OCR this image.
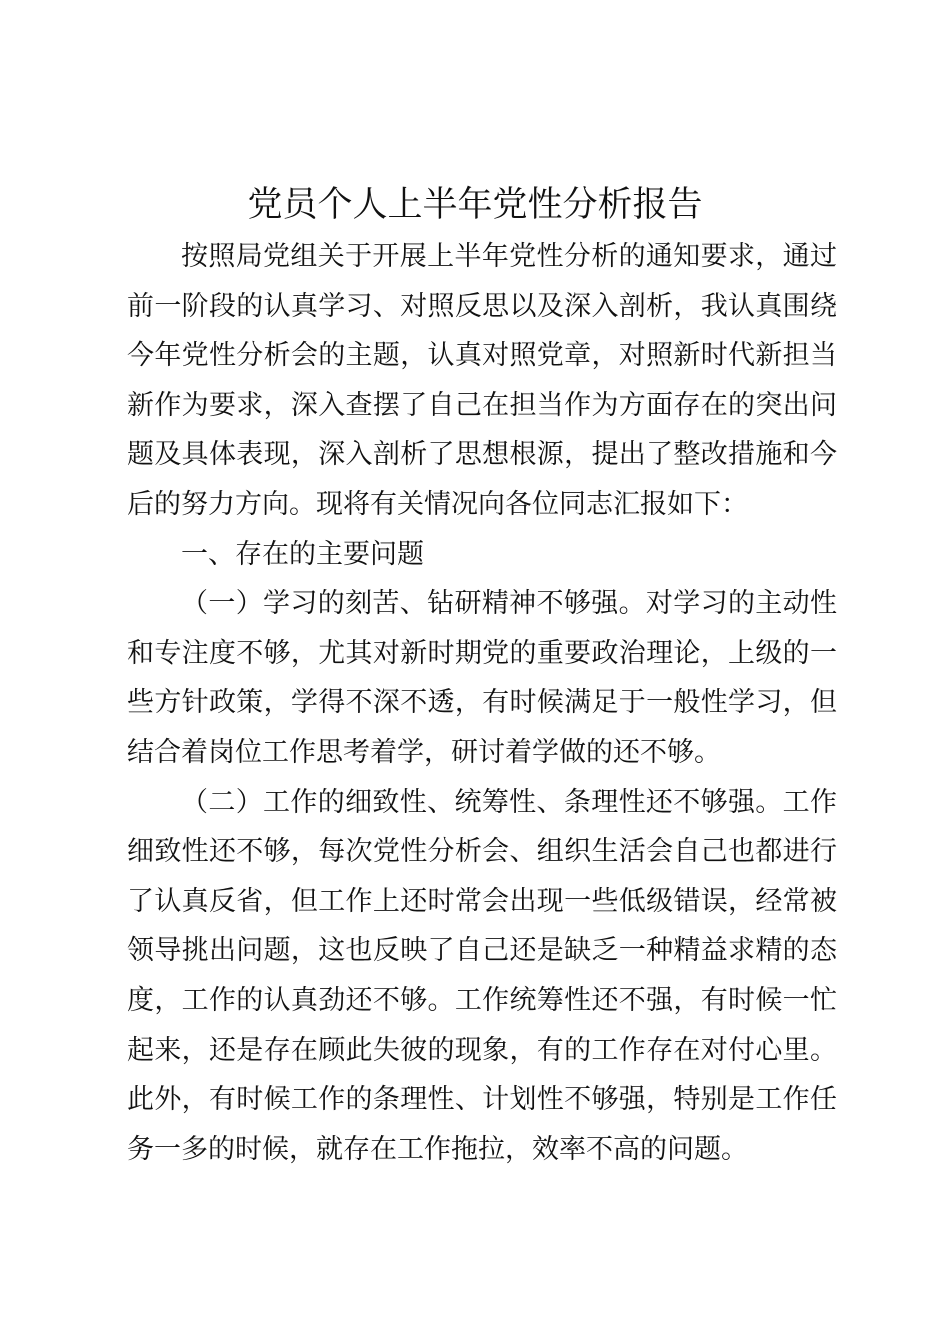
党员个人上半年党性分析报告

按照局党组关于开展上半年党性分析的通知要求，通过前一阶段的认真学习、对照反思以及深入剖析，我认真围绕今年党性分析会的主题，认真对照党章，对照新时代新担当新作为要求，深入查摆了自己在担当作为方面存在的突出问题及具体表现，深入剖析了思想根源，提出了整改措施和今后的努力方向。现将有关情况向各位同志汇报如下：

一、存在的主要问题

（一）学习的刻苦、钻研精神不够强。对学习的主动性和专注度不够，尤其对新时期党的重要政治理论，上级的一些方针政策，学得不深不透，有时候满足于一般性学习，但结合着岗位工作思考着学，研讨着学做的还不够。

（二）工作的细致性、统筹性、条理性还不够强。工作细致性还不够，每次党性分析会、组织生活会自己也都进行了认真反省，但工作上还时常会出现一些低级错误，经常被领导挑出问题，这也反映了自己还是缺乏一种精益求精的态度，工作的认真劲还不够。工作统筹性还不强，有时候一忙起来，还是存在顾此失彼的现象，有的工作存在对付心里。此外，有时候工作的条理性、计划性不够强，特别是工作任务一多的时候，就存在工作拖拉，效率不高的问题。
